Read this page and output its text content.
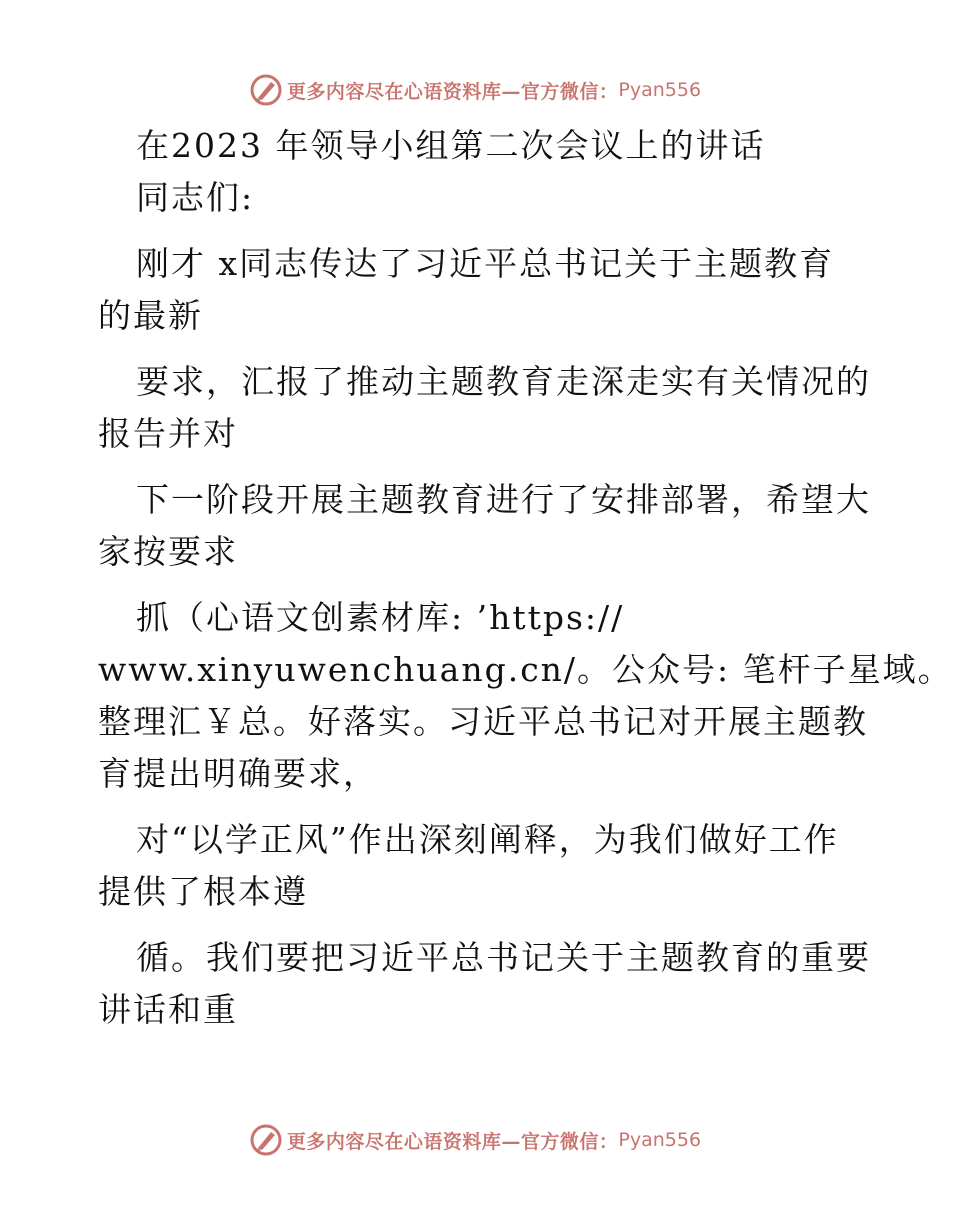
更多内容尽在心语资料库—官方微信： Pyan556
在2023 年领导小组第二次会议上的讲话
同志们:
刚才 x同志传达了习近平总书记关于主题教育
的最新
要求，汇报了推动主题教育走深走实有关情况的
报告并对
下一阶段开展主题教育进行了安排部署，希望大
家按要求
抓（心语文创素材库: ’https://
www.xinyuwenchuang.cn/。公众号: 笔杆子星域。
整理汇￥总。好落实。习近平总书记对开展主题教
育提出明确要求，
对“以学正风”作出深刻阐释，为我们做好工作
提供了根本遵
循。我们要把习近平总书记关于主题教育的重要
讲话和重
更多内容尽在心语资料库—官方微信： Pyan556
